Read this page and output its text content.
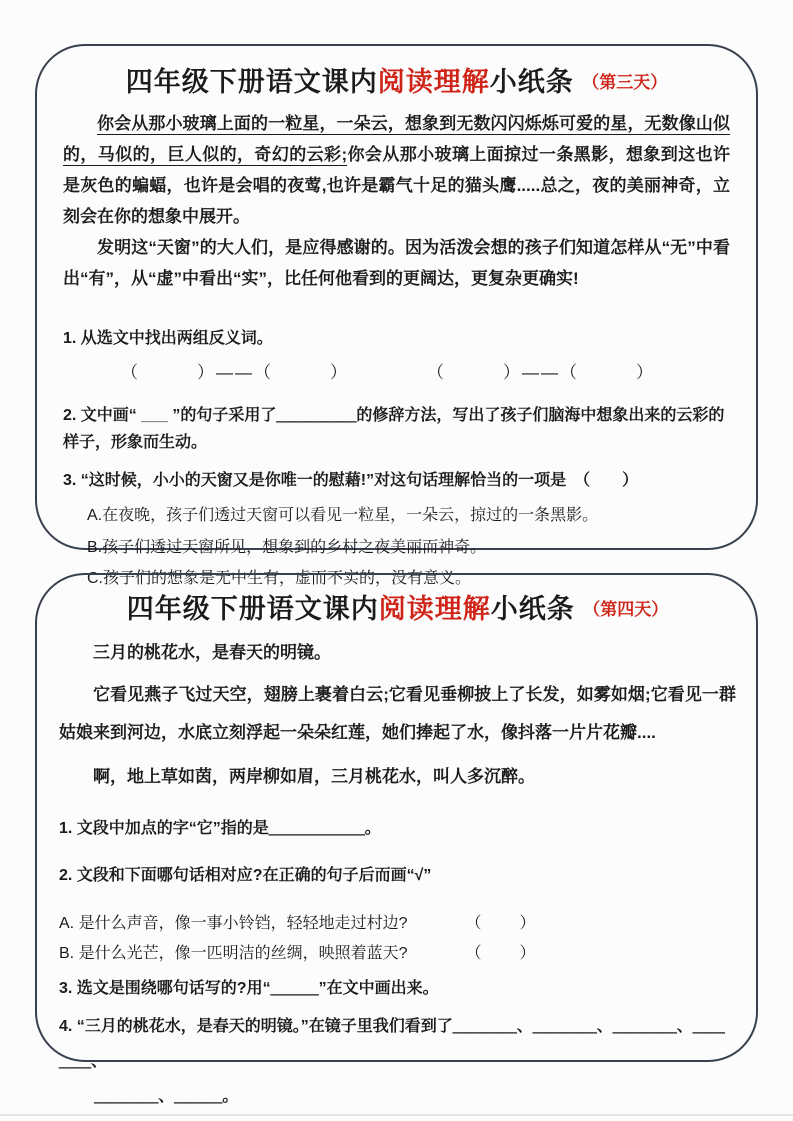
四年级下册语文课内阅读理解小纸条 （第三天）

你会从那小玻璃上面的一粒星，一朵云，想象到无数闪闪烁烁可爱的星，无数像山似的，马似的，巨人似的，奇幻的云彩;你会从那小玻璃上面掠过一条黑影，想象到这也许是灰色的蝙蝠，也许是会唱的夜莺,也许是霸气十足的猫头鹰.....总之，夜的美丽神奇，立刻会在你的想象中展开。

发明这“天窗”的大人们，是应得感谢的。因为活泼会想的孩子们知道怎样从“无”中看出“有”，从“虚”中看出“实”，比任何他看到的更阔达，更复杂更确实!

1. 从选文中找出两组反义词。
（　　　）——（　　　）　　　　　（　　　）——（　　　）
2. 文中画“ ___ ”的句子采用了＿＿＿＿＿的修辞方法，写出了孩子们脑海中想象出来的云彩的样子，形象而生动。
3. “这时候，小小的天窗又是你唯一的慰藉!”对这句话理解恰当的一项是　（　　）
A.在夜晚，孩子们透过天窗可以看见一粒星，一朵云，掠过的一条黑影。
B.孩子们透过天窗所见，想象到的乡村之夜美丽而神奇。
C.孩子们的想象是无中生有，虚而不实的，没有意义。
四年级下册语文课内阅读理解小纸条 （第四天）

三月的桃花水，是春天的明镜。

它看见燕子飞过天空，翅膀上裹着白云;它看见垂柳披上了长发，如雾如烟;它看见一群姑娘来到河边，水底立刻浮起一朵朵红莲，她们捧起了水，像抖落一片片花瓣....

啊，地上草如茵，两岸柳如眉，三月桃花水，叫人多沉醉。

1. 文段中加点的字“它”指的是＿＿＿＿＿＿。
2. 文段和下面哪句话相对应?在正确的句子后而画“√”
A. 是什么声音，像一事小铃铛，轻轻地走过村边?	（　　）
B. 是什么光芒，像一匹明洁的丝绸，映照着蓝天?	（　　）
3. 选文是围绕哪句话写的?用“＿＿＿”在文中画出来。
4. “三月的桃花水，是春天的明镜。”在镜子里我们看到了＿＿＿＿、＿＿＿＿、＿＿＿＿、＿＿＿＿、
＿＿＿＿、＿＿＿。
